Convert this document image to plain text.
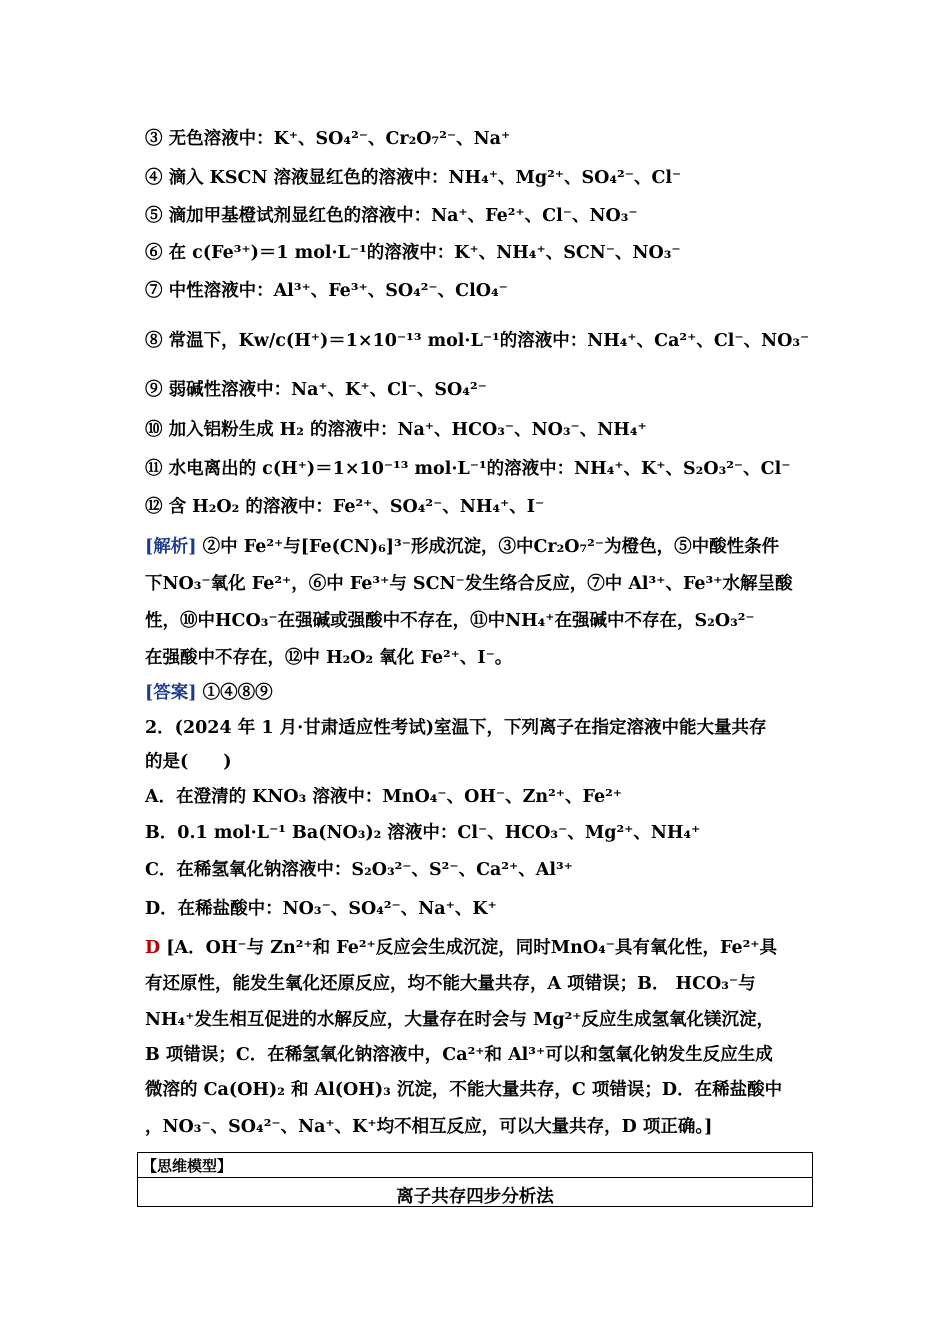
③ 无色溶液中：K⁺、SO₄²⁻、Cr₂O₇²⁻、Na⁺
④ 滴入 KSCN 溶液显红色的溶液中：NH₄⁺、Mg²⁺、SO₄²⁻、Cl⁻
⑤ 滴加甲基橙试剂显红色的溶液中：Na⁺、Fe²⁺、Cl⁻、NO₃⁻
⑥ 在 c(Fe³⁺)＝1 mol·L⁻¹的溶液中：K⁺、NH₄⁺、SCN⁻、NO₃⁻
⑦ 中性溶液中：Al³⁺、Fe³⁺、SO₄²⁻、ClO₄⁻
⑧ 常温下，Kw/c(H⁺)＝1×10⁻¹³ mol·L⁻¹的溶液中：NH₄⁺、Ca²⁺、Cl⁻、NO₃⁻
⑨ 弱碱性溶液中：Na⁺、K⁺、Cl⁻、SO₄²⁻
⑩ 加入铝粉生成 H₂ 的溶液中：Na⁺、HCO₃⁻、NO₃⁻、NH₄⁺
⑪ 水电离出的 c(H⁺)＝1×10⁻¹³ mol·L⁻¹的溶液中：NH₄⁺、K⁺、S₂O₃²⁻、Cl⁻
⑫ 含 H₂O₂ 的溶液中：Fe²⁺、SO₄²⁻、NH₄⁺、I⁻
[解析] ②中 Fe²⁺与[Fe(CN)₆]³⁻形成沉淀，③中Cr₂O₇²⁻为橙色，⑤中酸性条件
下NO₃⁻氧化 Fe²⁺，⑥中 Fe³⁺与 SCN⁻发生络合反应，⑦中 Al³⁺、Fe³⁺水解呈酸
性，⑩中HCO₃⁻在强碱或强酸中不存在，⑪中NH₄⁺在强碱中不存在，S₂O₃²⁻
在强酸中不存在，⑫中 H₂O₂ 氧化 Fe²⁺、I⁻。
[答案] ①④⑧⑨
2．(2024 年 1 月·甘肃适应性考试)室温下，下列离子在指定溶液中能大量共存
的是(　　)
A．在澄清的 KNO₃ 溶液中：MnO₄⁻、OH⁻、Zn²⁺、Fe²⁺
B．0.1 mol·L⁻¹ Ba(NO₃)₂ 溶液中：Cl⁻、HCO₃⁻、Mg²⁺、NH₄⁺
C．在稀氢氧化钠溶液中：S₂O₃²⁻、S²⁻、Ca²⁺、Al³⁺
D．在稀盐酸中：NO₃⁻、SO₄²⁻、Na⁺、K⁺
D [A．OH⁻与 Zn²⁺和 Fe²⁺反应会生成沉淀，同时MnO₄⁻具有氧化性，Fe²⁺具
有还原性，能发生氧化还原反应，均不能大量共存，A 项错误；B． HCO₃⁻与
NH₄⁺发生相互促进的水解反应，大量存在时会与 Mg²⁺反应生成氢氧化镁沉淀，
B 项错误；C．在稀氢氧化钠溶液中，Ca²⁺和 Al³⁺可以和氢氧化钠发生反应生成
微溶的 Ca(OH)₂ 和 Al(OH)₃ 沉淀，不能大量共存，C 项错误；D．在稀盐酸中
，NO₃⁻、SO₄²⁻、Na⁺、K⁺均不相互反应，可以大量共存，D 项正确。]
【思维模型】
离子共存四步分析法
